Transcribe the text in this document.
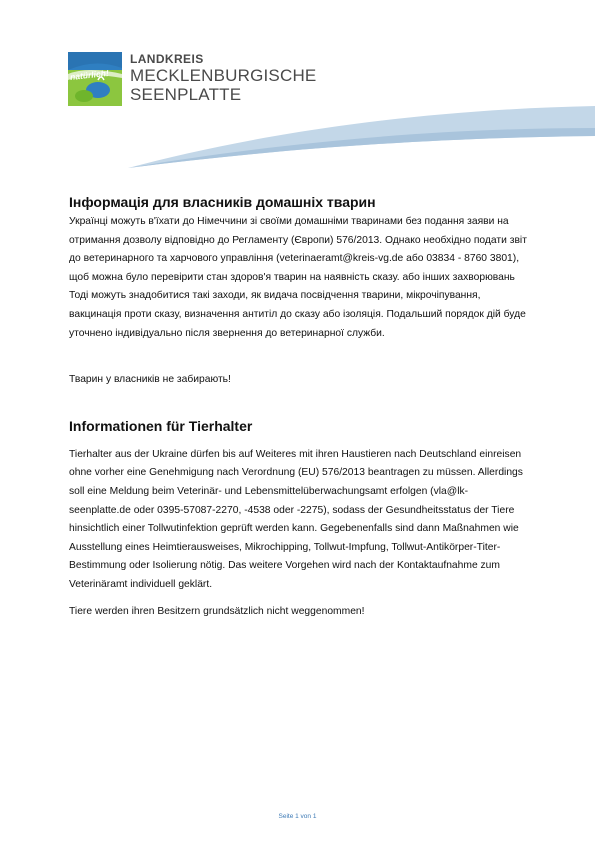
natürlich!
LANDKREIS
MECKLENBURGISCHE
SEENPLATTE
Інформація для власників домашніх тварин

Українці можуть в'їхати до Німеччини зі своїми домашніми тваринами без подання заяви на отримання дозволу відповідно до Регламенту (Європи) 576/2013. Однако необхідно подати звіт до ветеринарного та харчового управління (veterinaeramt@kreis-vg.de або 03834 - 8760 3801), щоб можна було перевірити стан здоров'я тварин на наявність сказу. або інших захворювань Тоді можуть знадобитися такі заходи, як видача посвідчення тварини, мікрочіпування, вакцинація проти сказу, визначення антитіл до сказу або ізоляція. Подальший порядок дій буде уточнено індивідуально після звернення до ветеринарної служби.

Тварин у власників не забирають!

Informationen für Tierhalter

Tierhalter aus der Ukraine dürfen bis auf Weiteres mit ihren Haustieren nach Deutschland einreisen ohne vorher eine Genehmigung nach Verordnung (EU) 576/2013 beantragen zu müssen. Allerdings soll eine Meldung beim Veterinär- und Lebensmittelüberwachungsamt erfolgen (vla@lk-seenplatte.de oder 0395-57087-2270, -4538 oder -2275), sodass der Gesundheitsstatus der Tiere hinsichtlich einer Tollwutinfektion geprüft werden kann. Gegebenenfalls sind dann Maßnahmen wie Ausstellung eines Heimtierausweises, Mikrochipping, Tollwut-Impfung, Tollwut-Antikörper-Titer-Bestimmung oder Isolierung nötig. Das weitere Vorgehen wird nach der Kontaktaufnahme zum Veterinäramt individuell geklärt.

Tiere werden ihren Besitzern grundsätzlich nicht weggenommen!

Seite 1 von 1
